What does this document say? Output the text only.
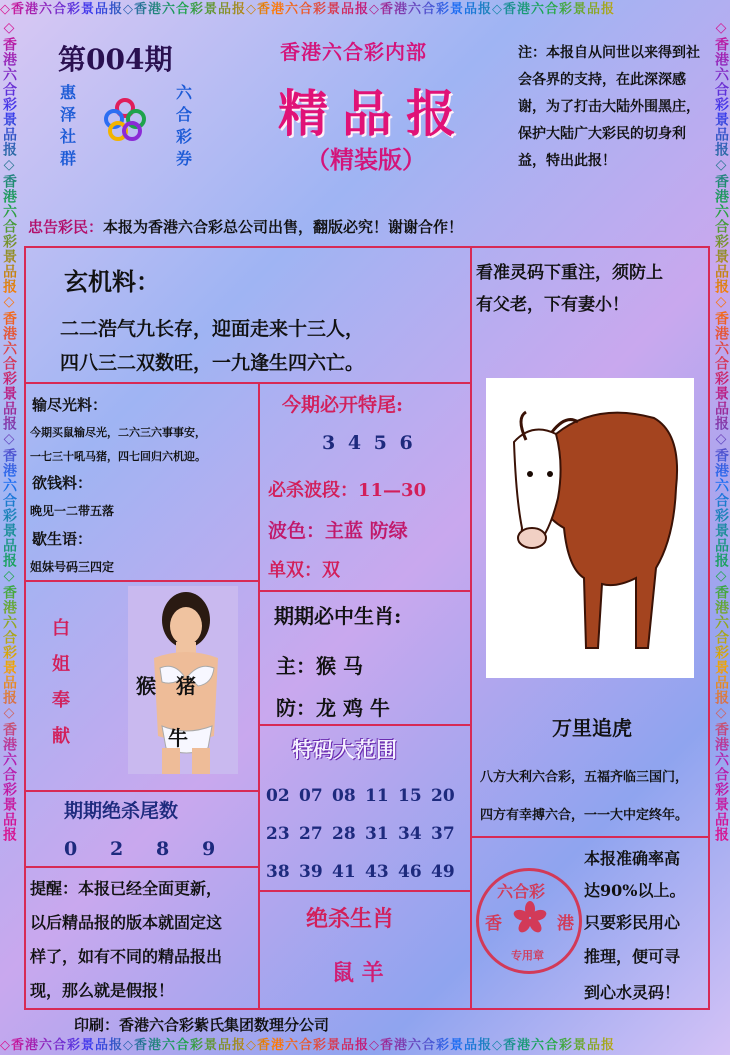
◇香港六合彩景品报◇香港六合彩景品报◇香港六合彩景品报◇香港六合彩景品报◇香港六合彩景品报
◇香港六合彩景品报◇香港六合彩景品报◇香港六合彩景品报◇香港六合彩景品报◇香港六合彩景品报
◇香港六合彩景品报◇香港六合彩景品报◇香港六合彩景品报◇香港六合彩景品报◇香港六合彩景品报◇香港六合彩景品报	◇香港六合彩景品报◇香港六合彩景品报◇香港六合彩景品报◇香港六合彩景品报◇香港六合彩景品报◇香港六合彩景品报
第004期
惠
泽
社
群
六
合
彩
券
香港六合彩内部
精品报
（精装版）
注：本报自从问世以来得到社会各界的支持，在此深深感谢，为了打击大陆外围黑庄，保护大陆广大彩民的切身利益，特出此报！
忠告彩民：本报为香港六合彩总公司出售，翻版必究！谢谢合作！
玄机料：
二二浩气九长存，迎面走来十三人，
四八三二双数旺，一九逢生四六亡。
看准灵码下重注，须防上
有父老，下有妻小！
输尽光料：
今期买鼠输尽光，二六三六事事安，
一七三十吼马猪，四七回归六机迎。
欲钱料：
晚见一二带五落
歇生语：
姐妹号码三四定
今期必开特尾:
3 4 5 6
必杀波段：11—30
波色：主蓝 防绿
单双：双
期期必中生肖:
主：猴 马
防：龙 鸡 牛
白
姐
奉
献
猴 猪
牛
期期绝杀尾数
0 2 8 9
特码大范围
02 07 08 11 15 20
23 27 28 31 34 37
38 39 41 43 46 49
绝杀生肖
鼠 羊
万里追虎
八方大利六合彩，五福齐临三国门，
四方有幸搏六合，一一大中定终年。
六合彩
香	港
专用章
本报准确率高
达90%以上。
只要彩民用心
推理，便可寻
到心水灵码！
提醒：本报已经全面更新，
以后精品报的版本就固定这
样了，如有不同的精品报出
现，那么就是假报！
印刷：香港六合彩紫氏集团数理分公司
